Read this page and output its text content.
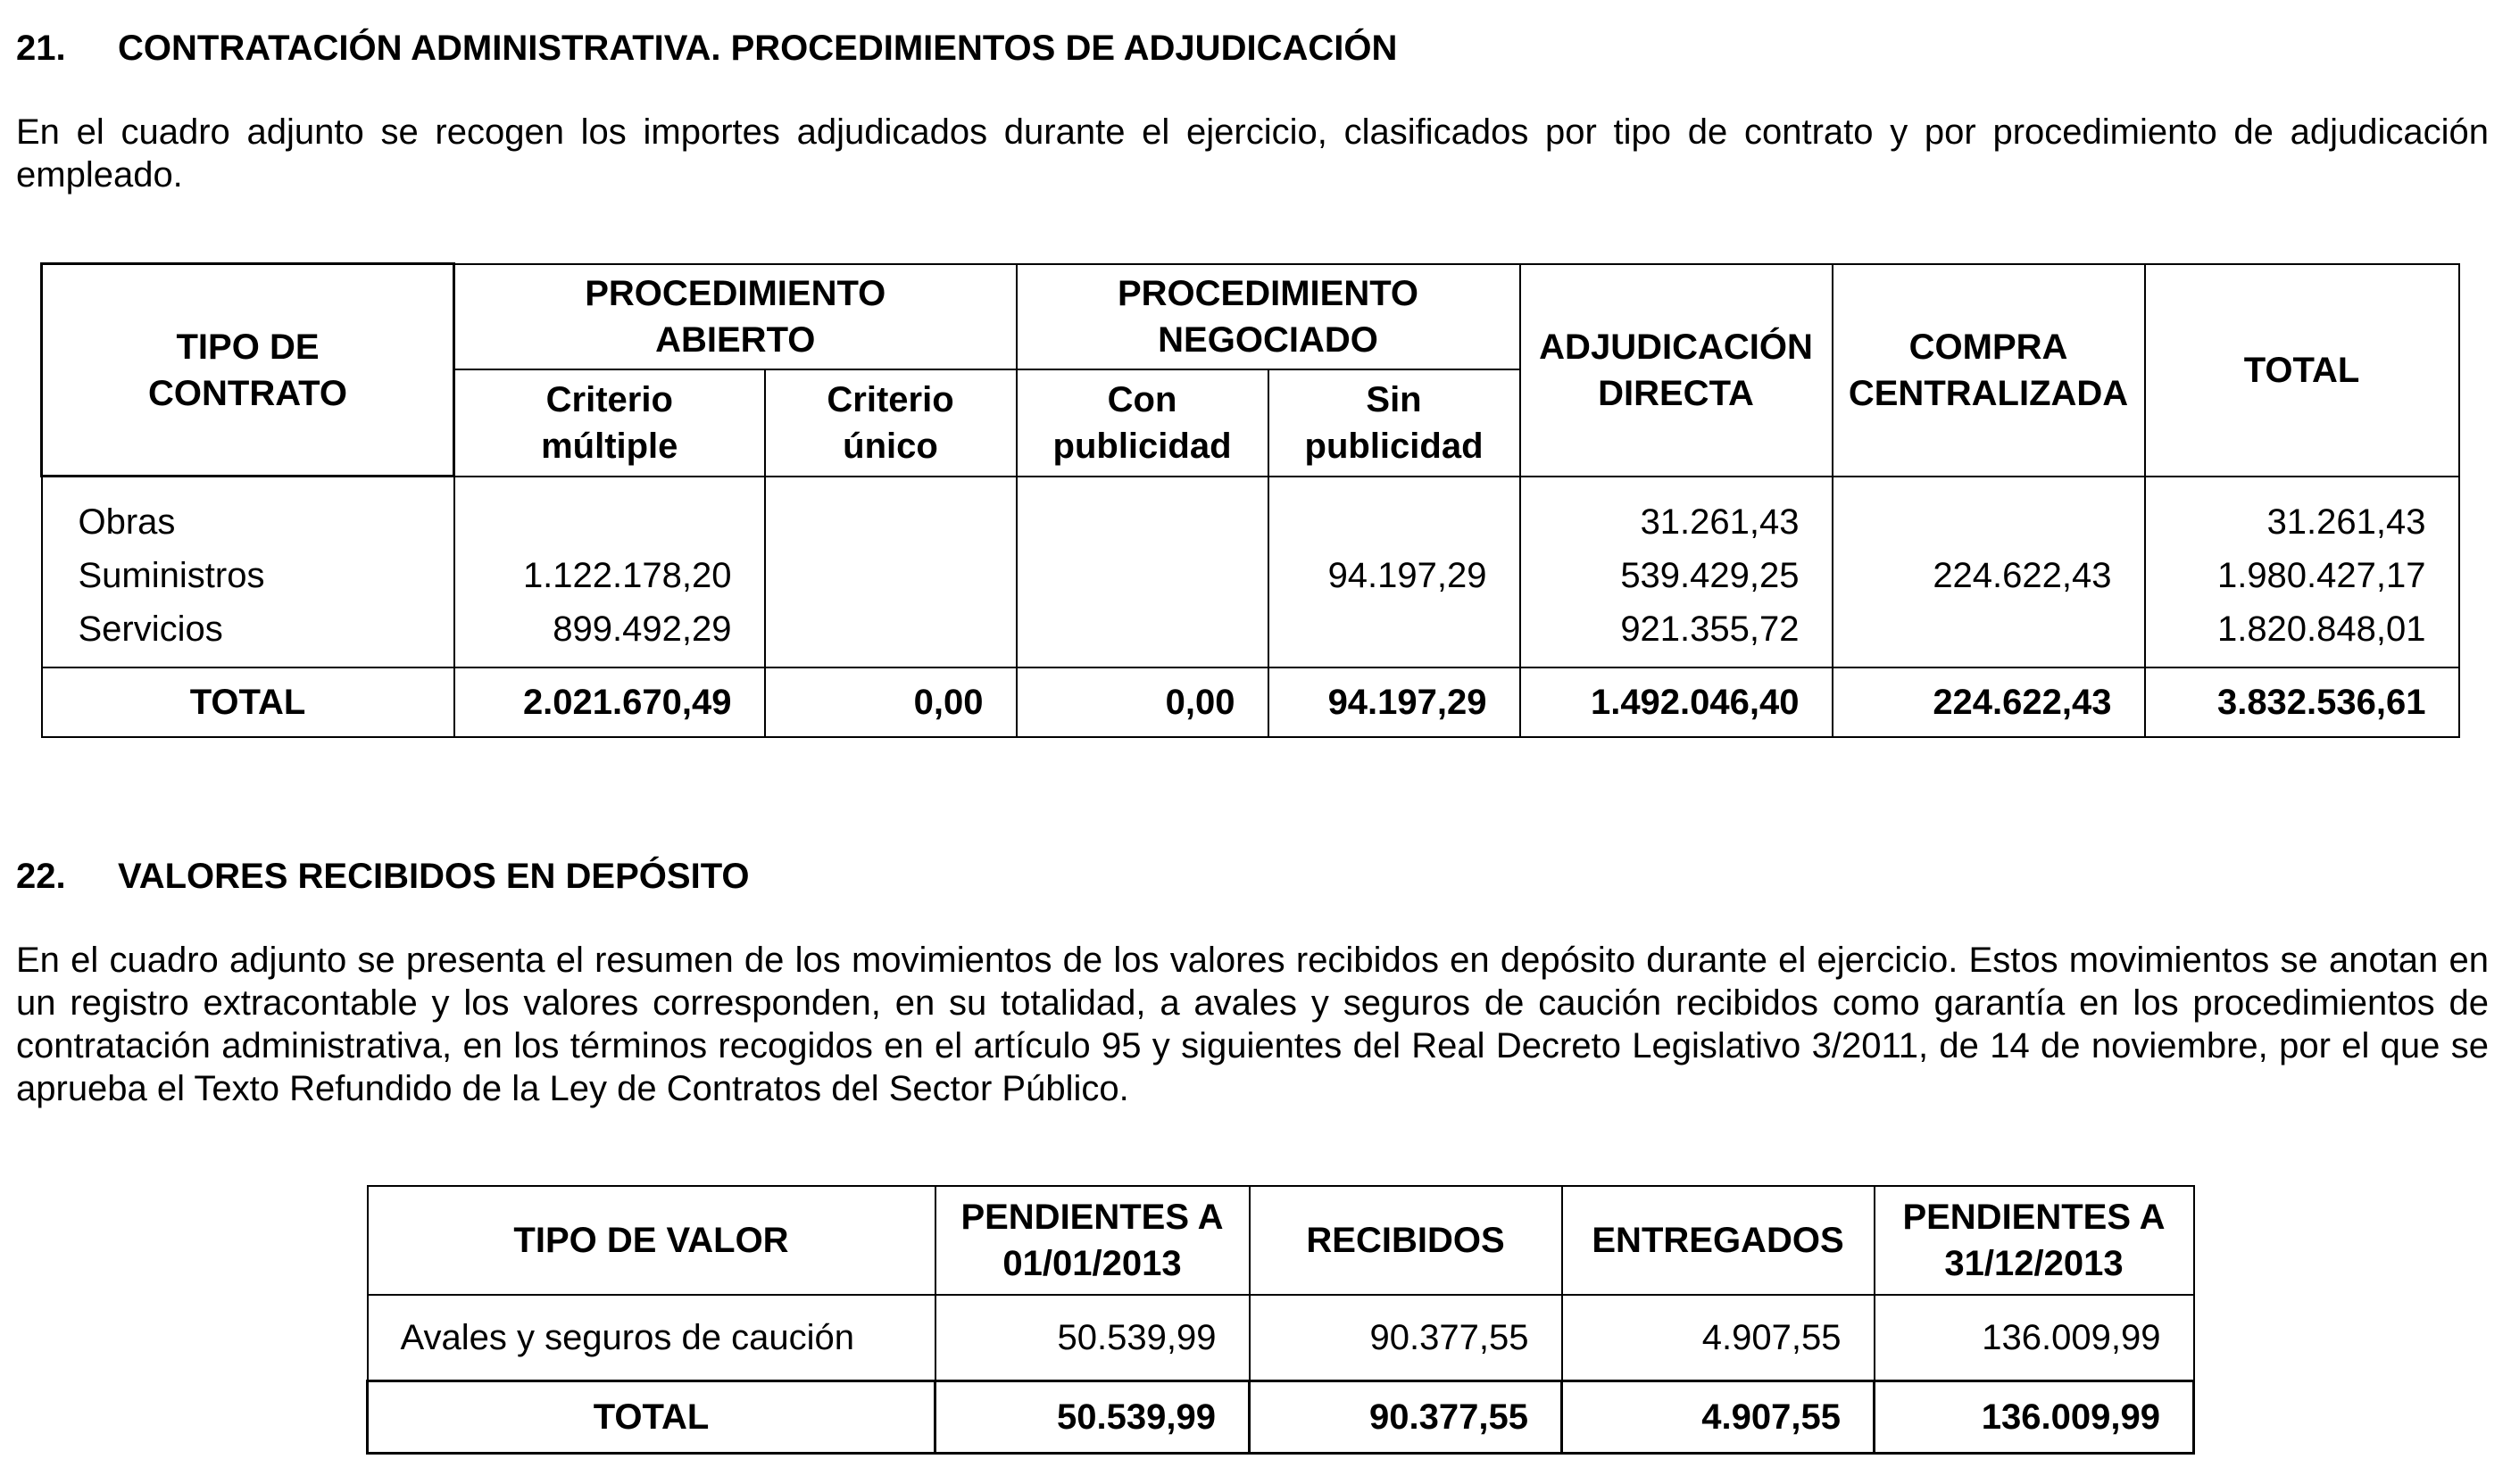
21. CONTRATACIÓN ADMINISTRATIVA. PROCEDIMIENTOS DE ADJUDICACIÓN
En el cuadro adjunto se recogen los importes adjudicados durante el ejercicio, clasificados por tipo de contrato y por procedimiento de adjudicación empleado.
TIPO DE CONTRATO	PROCEDIMIENTO ABIERTO		PROCEDIMIENTO NEGOCIADO		ADJUDICACIÓN DIRECTA	COMPRA CENTRALIZADA	TOTAL
	Criterio múltiple	Criterio único	Con publicidad	Sin publicidad			
Obras					31.261,43		31.261,43
Suministros	1.122.178,20			94.197,29	539.429,25	224.622,43	1.980.427,17
Servicios	899.492,29				921.355,72		1.820.848,01
TOTAL	2.021.670,49	0,00	0,00	94.197,29	1.492.046,40	224.622,43	3.832.536,61
22. VALORES RECIBIDOS EN DEPÓSITO
En el cuadro adjunto se presenta el resumen de los movimientos de los valores recibidos en depósito durante el ejercicio. Estos movimientos se anotan en un registro extracontable y los valores corresponden, en su totalidad, a avales y seguros de caución recibidos como garantía en los procedimientos de contratación administrativa, en los términos recogidos en el artículo 95 y siguientes del Real Decreto Legislativo 3/2011, de 14 de noviembre, por el que se aprueba el Texto Refundido de la Ley de Contratos del Sector Público.
TIPO DE VALOR	PENDIENTES A 01/01/2013	RECIBIDOS	ENTREGADOS	PENDIENTES A 31/12/2013
Avales y seguros de caución	50.539,99	90.377,55	4.907,55	136.009,99
TOTAL	50.539,99	90.377,55	4.907,55	136.009,99
